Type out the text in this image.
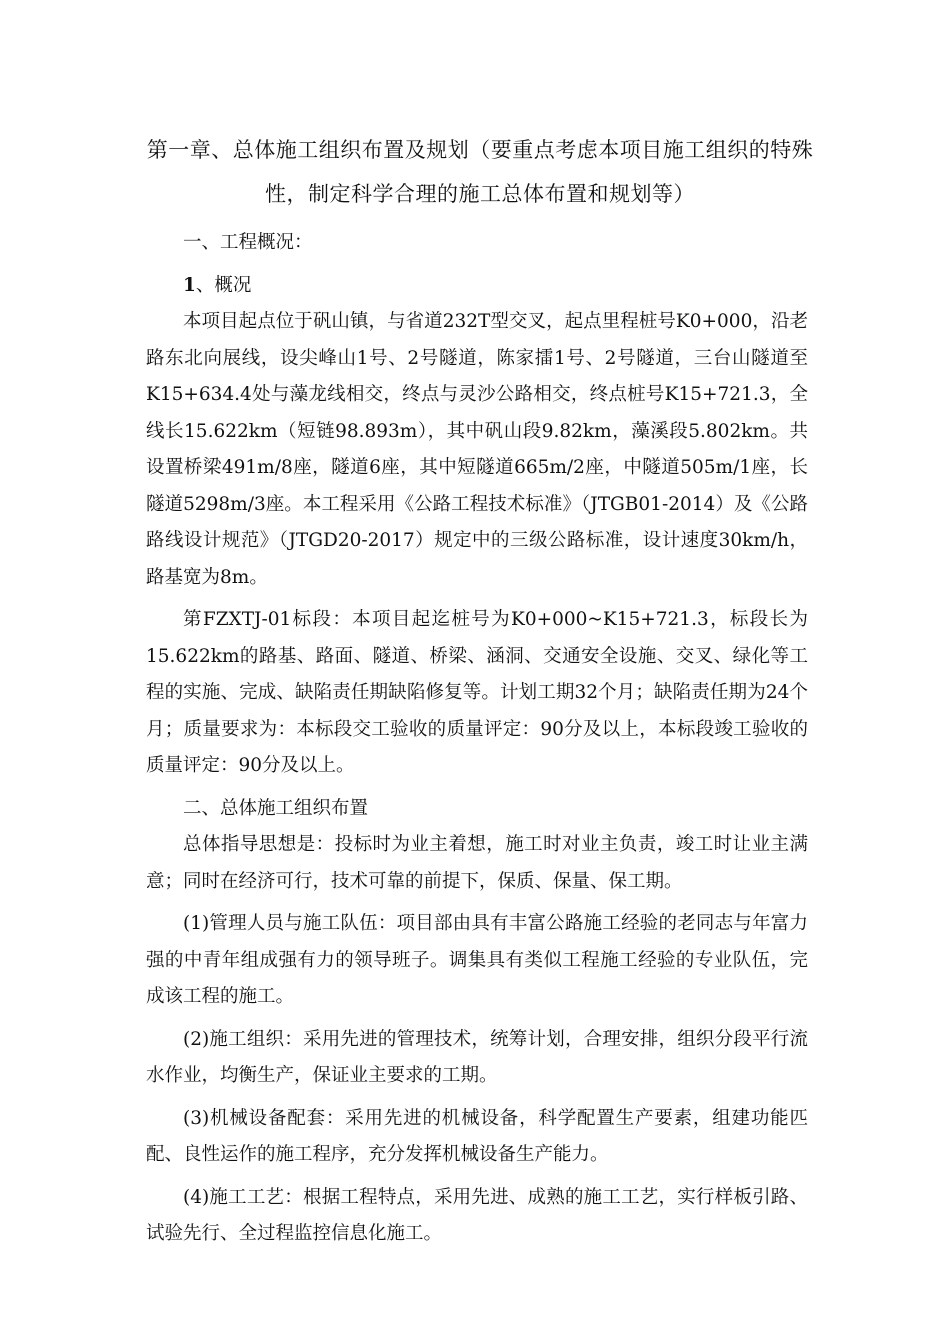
第一章、总体施工组织布置及规划（要重点考虑本项目施工组织的特殊性，制定科学合理的施工总体布置和规划等）

一、工程概况：

1、概况

本项目起点位于矾山镇，与省道232T型交叉，起点里程桩号K0+000，沿老路东北向展线，设尖峰山1号、2号隧道，陈家擂1号、2号隧道，三台山隧道至K15+634.4处与藻龙线相交，终点与灵沙公路相交，终点桩号K15+721.3，全线长15.622km（短链98.893m），其中矾山段9.82km，藻溪段5.802km。共设置桥梁491m/8座，隧道6座，其中短隧道665m/2座，中隧道505m/1座，长隧道5298m/3座。本工程采用《公路工程技术标准》（JTGB01-2014）及《公路路线设计规范》（JTGD20-2017）规定中的三级公路标准，设计速度30km/h，路基宽为8m。

第FZXTJ-01标段：本项目起迄桩号为K0+000~K15+721.3，标段长为15.622km的路基、路面、隧道、桥梁、涵洞、交通安全设施、交叉、绿化等工程的实施、完成、缺陷责任期缺陷修复等。计划工期32个月；缺陷责任期为24个月；质量要求为：本标段交工验收的质量评定：90分及以上，本标段竣工验收的质量评定：90分及以上。

二、总体施工组织布置

总体指导思想是：投标时为业主着想，施工时对业主负责，竣工时让业主满意；同时在经济可行，技术可靠的前提下，保质、保量、保工期。

(1)管理人员与施工队伍：项目部由具有丰富公路施工经验的老同志与年富力强的中青年组成强有力的领导班子。调集具有类似工程施工经验的专业队伍，完成该工程的施工。

(2)施工组织：采用先进的管理技术，统筹计划，合理安排，组织分段平行流水作业，均衡生产，保证业主要求的工期。

(3)机械设备配套：采用先进的机械设备，科学配置生产要素，组建功能匹配、良性运作的施工程序，充分发挥机械设备生产能力。

(4)施工工艺：根据工程特点，采用先进、成熟的施工工艺，实行样板引路、试验先行、全过程监控信息化施工。
